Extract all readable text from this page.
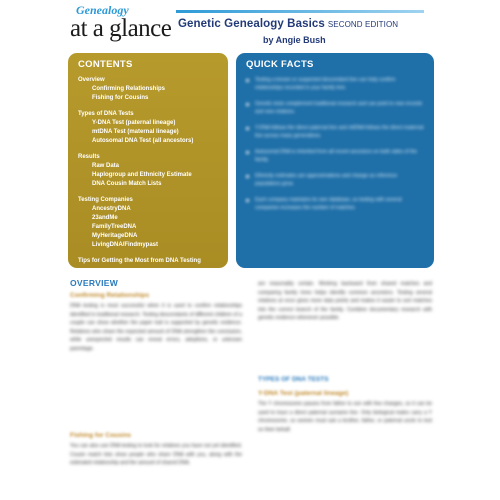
Genealogy
at a glance Genetic Genealogy Basics SECOND EDITION
by Angie Bush
CONTENTS
Overview
Confirming Relationships
Fishing for Cousins
Types of DNA Tests
Y-DNA Test (paternal lineage)
mtDNA Test (maternal lineage)
Autosomal DNA Test (all ancestors)
Results
Raw Data
Haplogroup and Ethnicity Estimate
DNA Cousin Match Lists
Testing Companies
AncestryDNA
23andMe
FamilyTreeDNA
MyHeritageDNA
LivingDNA/Findmypast
Tips for Getting the Most from DNA Testing
QUICK FACTS
Testing a known or suspected descendant line can help confirm relationships recorded in your family tree.
Genetic tests complement traditional research and can point to new records and new relatives.
Y-DNA follows the direct paternal line and mtDNA follows the direct maternal line across many generations.
Autosomal DNA is inherited from all recent ancestors on both sides of the family.
Ethnicity estimates are approximations and change as reference populations grow.
Each company maintains its own database, so testing with several companies increases the number of matches.
OVERVIEW
Confirming Relationships
DNA testing is most successful when it is used to confirm relationships identified in traditional research. Testing descendants of different children of a couple can show whether the paper trail is supported by genetic evidence. Relatives who share the expected amount of DNA strengthen the conclusion, while unexpected results can reveal errors, adoptions, or unknown parentage.
Fishing for Cousins
You can also use DNA testing to look for relatives you have not yet identified. Cousin match lists show people who share DNA with you, along with the estimated relationship and the amount of shared DNA.
are reasonably certain. Working backward from shared matches and comparing family trees helps identify common ancestors. Testing several relatives at once gives more data points and makes it easier to sort matches into the correct branch of the family. Combine documentary research with genetic evidence whenever possible.
TYPES OF DNA TESTS
Y-DNA Test (paternal lineage)
The Y chromosome passes from father to son with few changes, so it can be used to trace a direct paternal surname line. Only biological males carry a Y chromosome, so women must ask a brother, father, or paternal uncle to test on their behalf.
